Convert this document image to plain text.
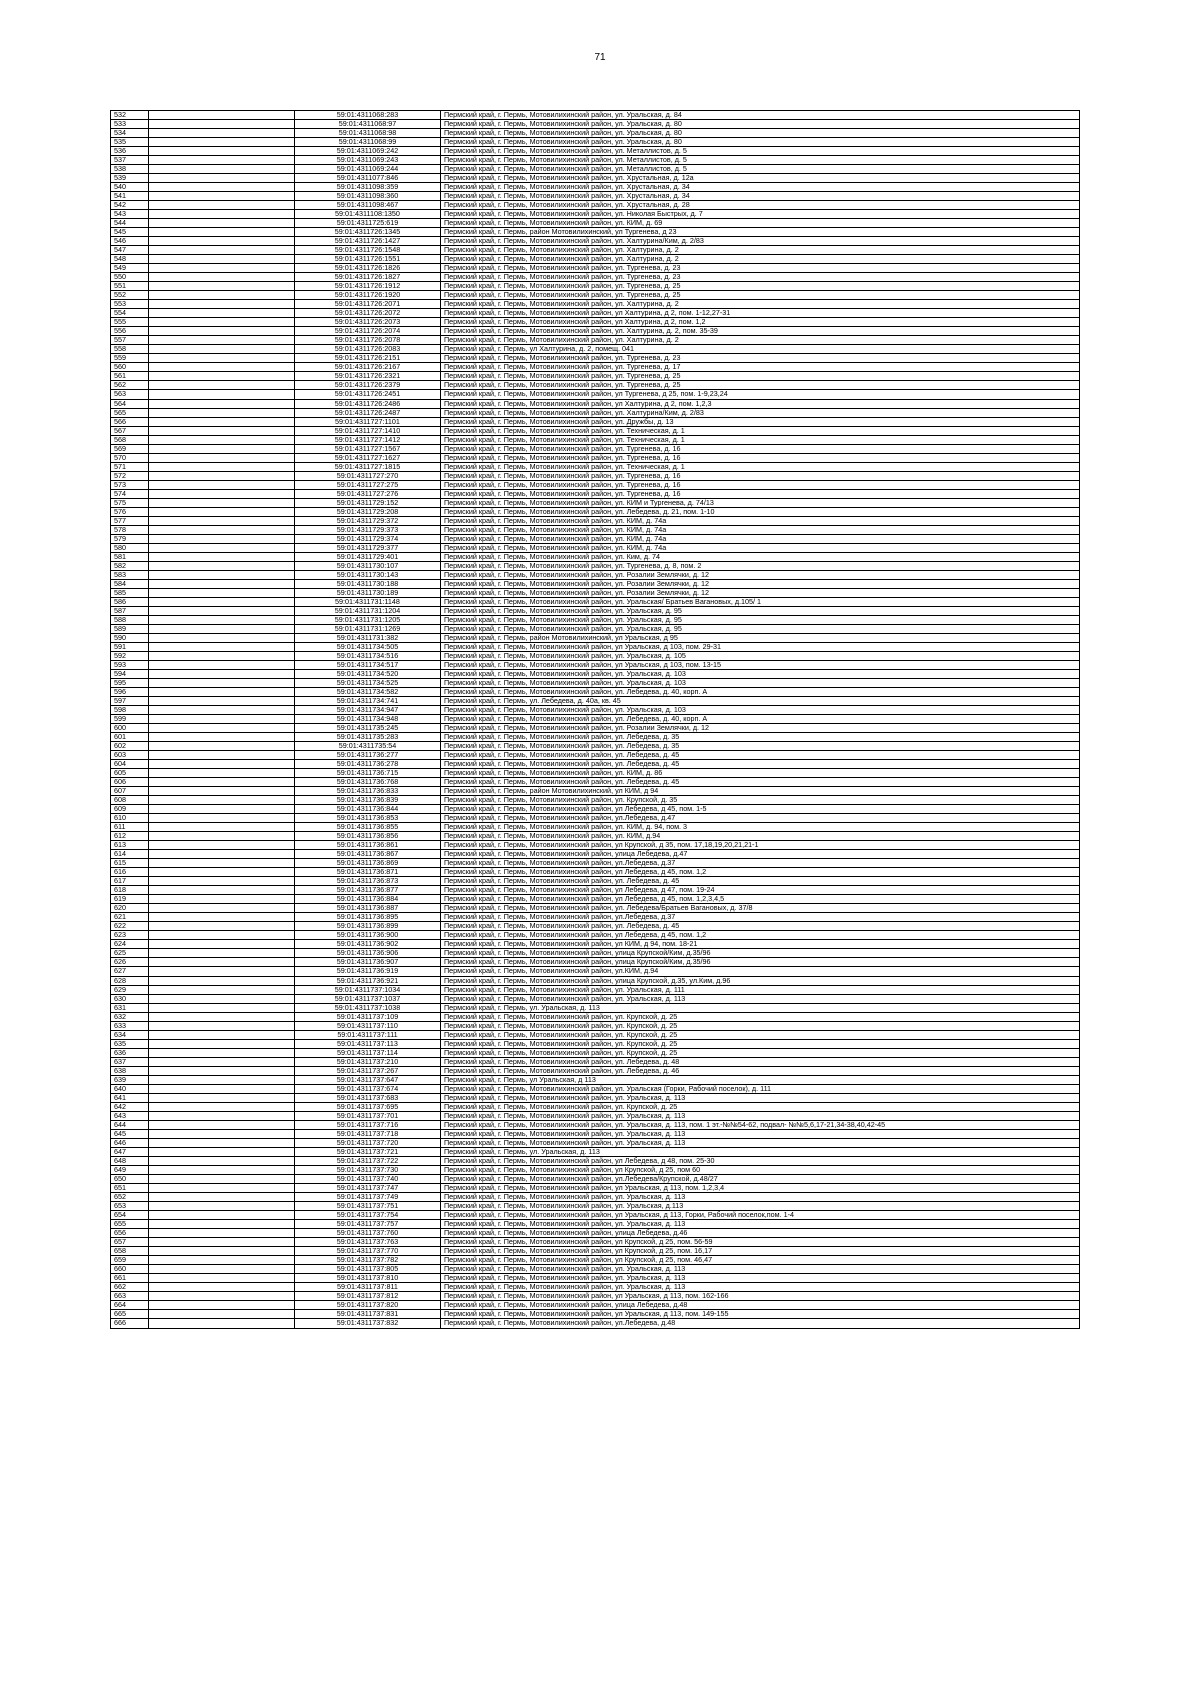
71
532	59:01:4311068:283	Пермский край, г. Пермь, Мотовилихинский район, ул. Уральская, д. 84
533	59:01:4311068:97	Пермский край, г. Пермь, Мотовилихинский район, ул. Уральская, д. 80
534	59:01:4311068:98	Пермский край, г. Пермь, Мотовилихинский район, ул. Уральская, д. 80
535	59:01:4311068:99	Пермский край, г. Пермь, Мотовилихинский район, ул. Уральская, д. 80
536	59:01:4311069:242	Пермский край, г. Пермь, Мотовилихинский район, ул. Металлистов, д. 5
537	59:01:4311069:243	Пермский край, г. Пермь, Мотовилихинский район, ул. Металлистов, д. 5
538	59:01:4311069:244	Пермский край, г. Пермь, Мотовилихинский район, ул. Металлистов, д. 5
539	59:01:4311077:846	Пермский край, г. Пермь, Мотовилихинский район, ул. Хрустальная, д. 12а
540	59:01:4311098:359	Пермский край, г. Пермь, Мотовилихинский район, ул. Хрустальная, д. 34
541	59:01:4311098:360	Пермский край, г. Пермь, Мотовилихинский район, ул. Хрустальная, д. 34
542	59:01:4311098:467	Пермский край, г. Пермь, Мотовилихинский район, ул. Хрустальная, д. 28
543	59:01:4311108:1350	Пермский край, г. Пермь, Мотовилихинский район, ул. Николая Быстрых, д. 7
544	59:01:4311725:619	Пермский край, г. Пермь, Мотовилихинский район, ул. КИМ, д. 69
545	59:01:4311726:1345	Пермский край, г. Пермь, район Мотовилихинский, ул Тургенева, д 23
546	59:01:4311726:1427	Пермский край, г. Пермь, Мотовилихинский район, ул. Халтурина/Ким, д. 2/83
547	59:01:4311726:1548	Пермский край, г. Пермь, Мотовилихинский район, ул. Халтурина, д. 2
548	59:01:4311726:1551	Пермский край, г. Пермь, Мотовилихинский район, ул. Халтурина, д. 2
549	59:01:4311726:1826	Пермский край, г. Пермь, Мотовилихинский район, ул. Тургенева, д. 23
550	59:01:4311726:1827	Пермский край, г. Пермь, Мотовилихинский район, ул. Тургенева, д. 23
551	59:01:4311726:1912	Пермский край, г. Пермь, Мотовилихинский район, ул. Тургенева, д. 25
552	59:01:4311726:1920	Пермский край, г. Пермь, Мотовилихинский район, ул. Тургенева, д. 25
553	59:01:4311726:2071	Пермский край, г. Пермь, Мотовилихинский район, ул. Халтурина, д. 2
554	59:01:4311726:2072	Пермский край, г. Пермь, Мотовилихинский район, ул Халтурина, д 2, пом. 1-12,27-31
555	59:01:4311726:2073	Пермский край, г. Пермь, Мотовилихинский район, ул Халтурина, д 2, пом. 1,2
556	59:01:4311726:2074	Пермский край, г. Пермь, Мотовилихинский район, ул. Халтурина, д. 2, пом. 35-39
557	59:01:4311726:2078	Пермский край, г. Пермь, Мотовилихинский район, ул. Халтурина, д. 2
558	59:01:4311726:2083	Пермский край, г. Пермь, ул Халтурина, д. 2, помещ. 041
559	59:01:4311726:2151	Пермский край, г. Пермь, Мотовилихинский район, ул. Тургенева, д. 23
560	59:01:4311726:2167	Пермский край, г. Пермь, Мотовилихинский район, ул. Тургенева, д. 17
561	59:01:4311726:2321	Пермский край, г. Пермь, Мотовилихинский район, ул. Тургенева, д. 25
562	59:01:4311726:2379	Пермский край, г. Пермь, Мотовилихинский район, ул. Тургенева, д. 25
563	59:01:4311726:2451	Пермский край, г. Пермь, Мотовилихинский район, ул Тургенева, д 25, пом. 1-9,23,24
564	59:01:4311726:2486	Пермский край, г. Пермь, Мотовилихинский район, ул Халтурина, д 2, пом. 1,2,3
565	59:01:4311726:2487	Пермский край, г. Пермь, Мотовилихинский район, ул. Халтурина/Ким, д. 2/83
566	59:01:4311727:1101	Пермский край, г. Пермь, Мотовилихинский район, ул. Дружбы, д. 13
567	59:01:4311727:1410	Пермский край, г. Пермь, Мотовилихинский район, ул. Техническая, д. 1
568	59:01:4311727:1412	Пермский край, г. Пермь, Мотовилихинский район, ул. Техническая, д. 1
569	59:01:4311727:1567	Пермский край, г. Пермь, Мотовилихинский район, ул. Тургенева, д. 16
570	59:01:4311727:1627	Пермский край, г. Пермь, Мотовилихинский район, ул. Тургенева, д. 16
571	59:01:4311727:1815	Пермский край, г. Пермь, Мотовилихинский район, ул. Техническая, д. 1
572	59:01:4311727:270	Пермский край, г. Пермь, Мотовилихинский район, ул. Тургенева, д. 16
573	59:01:4311727:275	Пермский край, г. Пермь, Мотовилихинский район, ул. Тургенева, д. 16
574	59:01:4311727:276	Пермский край, г. Пермь, Мотовилихинский район, ул. Тургенева, д. 16
575	59:01:4311729:152	Пермский край, г. Пермь, Мотовилихинский район, ул. КИМ и Тургенева, д. 74/13
576	59:01:4311729:208	Пермский край, г. Пермь, Мотовилихинский район, ул. Лебедева, д. 21, пом. 1-10
577	59:01:4311729:372	Пермский край, г. Пермь, Мотовилихинский район, ул. КИМ, д. 74а
578	59:01:4311729:373	Пермский край, г. Пермь, Мотовилихинский район, ул. КИМ, д. 74а
579	59:01:4311729:374	Пермский край, г. Пермь, Мотовилихинский район, ул. КИМ, д. 74а
580	59:01:4311729:377	Пермский край, г. Пермь, Мотовилихинский район, ул. КИМ, д. 74а
581	59:01:4311729:401	Пермский край, г. Пермь, Мотовилихинский район, ул. Ким, д. 74
582	59:01:4311730:107	Пермский край, г. Пермь, Мотовилихинский район, ул. Тургенева, д. 8, пом. 2
583	59:01:4311730:143	Пермский край, г. Пермь, Мотовилихинский район, ул. Розалии Землячки, д. 12
584	59:01:4311730:188	Пермский край, г. Пермь, Мотовилихинский район, ул. Розалии Землячки, д. 12
585	59:01:4311730:189	Пермский край, г. Пермь, Мотовилихинский район, ул. Розалии Землячки, д. 12
586	59:01:4311731:1148	Пермский край, г. Пермь, Мотовилихинский район, ул. Уральская/ Братьев Вагановых, д.105/ 1
587	59:01:4311731:1204	Пермский край, г. Пермь, Мотовилихинский район, ул. Уральская, д. 95
588	59:01:4311731:1205	Пермский край, г. Пермь, Мотовилихинский район, ул. Уральская, д. 95
589	59:01:4311731:1269	Пермский край, г. Пермь, Мотовилихинский район, ул. Уральская, д. 95
590	59:01:4311731:382	Пермский край, г. Пермь, район Мотовилихинский, ул Уральская, д 95
591	59:01:4311734:505	Пермский край, г. Пермь, Мотовилихинский район, ул Уральская, д 103, пом. 29-31
592	59:01:4311734:516	Пермский край, г. Пермь, Мотовилихинский район, ул. Уральская, д. 105
593	59:01:4311734:517	Пермский край, г. Пермь, Мотовилихинский район, ул Уральская, д 103, пом. 13-15
594	59:01:4311734:520	Пермский край, г. Пермь, Мотовилихинский район, ул. Уральская, д. 103
595	59:01:4311734:525	Пермский край, г. Пермь, Мотовилихинский район, ул. Уральская, д. 103
596	59:01:4311734:582	Пермский край, г. Пермь, Мотовилихинский район, ул. Лебедева, д. 40, корп. А
597	59:01:4311734:741	Пермский край, г. Пермь, ул. Лебедева, д. 40а, кв. 45
598	59:01:4311734:947	Пермский край, г. Пермь, Мотовилихинский район, ул. Уральская, д. 103
599	59:01:4311734:948	Пермский край, г. Пермь, Мотовилихинский район, ул. Лебедева, д. 40, корп. А
600	59:01:4311735:245	Пермский край, г. Пермь, Мотовилихинский район, ул. Розалии Землячки, д. 12
601	59:01:4311735:283	Пермский край, г. Пермь, Мотовилихинский район, ул. Лебедева, д. 35
602	59:01:4311735:54	Пермский край, г. Пермь, Мотовилихинский район, ул. Лебедева, д. 35
603	59:01:4311736:277	Пермский край, г. Пермь, Мотовилихинский район, ул. Лебедева, д. 45
604	59:01:4311736:278	Пермский край, г. Пермь, Мотовилихинский район, ул. Лебедева, д. 45
605	59:01:4311736:715	Пермский край, г. Пермь, Мотовилихинский район, ул. КИМ, д. 86
606	59:01:4311736:768	Пермский край, г. Пермь, Мотовилихинский район, ул. Лебедева, д. 45
607	59:01:4311736:833	Пермский край, г. Пермь, район Мотовилихинский, ул КИМ, д 94
608	59:01:4311736:839	Пермский край, г. Пермь, Мотовилихинский район, ул. Крупской, д. 35
609	59:01:4311736:844	Пермский край, г. Пермь, Мотовилихинский район, ул Лебедева, д 45, пом. 1-5
610	59:01:4311736:853	Пермский край, г. Пермь, Мотовилихинский район, ул.Лебедева, д.47
611	59:01:4311736:855	Пермский край, г. Пермь, Мотовилихинский район, ул. КИМ, д. 94, пом. 3
612	59:01:4311736:856	Пермский край, г. Пермь, Мотовилихинский район, ул. КИМ, д.94
613	59:01:4311736:861	Пермский край, г. Пермь, Мотовилихинский район, ул Крупской, д 35, пом. 17,18,19,20,21,21-1
614	59:01:4311736:867	Пермский край, г. Пермь, Мотовилихинский район, улица Лебедева, д.47
615	59:01:4311736:869	Пермский край, г. Пермь, Мотовилихинский район, ул.Лебедева, д.37
616	59:01:4311736:871	Пермский край, г. Пермь, Мотовилихинский район, ул Лебедева, д 45, пом. 1,2
617	59:01:4311736:873	Пермский край, г. Пермь, Мотовилихинский район, ул. Лебедева, д. 45
618	59:01:4311736:877	Пермский край, г. Пермь, Мотовилихинский район, ул Лебедева, д 47, пом. 19-24
619	59:01:4311736:884	Пермский край, г. Пермь, Мотовилихинский район, ул Лебедева, д 45, пом. 1,2,3,4,5
620	59:01:4311736:887	Пермский край, г. Пермь, Мотовилихинский район, ул. Лебедева/Братьев Вагановых, д. 37/8
621	59:01:4311736:895	Пермский край, г. Пермь, Мотовилихинский район, ул.Лебедева, д.37
622	59:01:4311736:899	Пермский край, г. Пермь, Мотовилихинский район, ул. Лебедева, д. 45
623	59:01:4311736:900	Пермский край, г. Пермь, Мотовилихинский район, ул Лебедева, д 45, пом. 1,2
624	59:01:4311736:902	Пермский край, г. Пермь, Мотовилихинский район, ул КИМ, д 94, пом. 18-21
625	59:01:4311736:906	Пермский край, г. Пермь, Мотовилихинский район, улица Крупской/Ким, д.35/96
626	59:01:4311736:907	Пермский край, г. Пермь, Мотовилихинский район, улица Крупской/Ким, д.35/96
627	59:01:4311736:919	Пермский край, г. Пермь, Мотовилихинский район, ул.КИМ, д.94
628	59:01:4311736:921	Пермский край, г. Пермь, Мотовилихинский район, улица Крупской, д.35, ул.Ким, д.96
629	59:01:4311737:1034	Пермский край, г. Пермь, Мотовилихинский район, ул. Уральская, д. 111
630	59:01:4311737:1037	Пермский край, г. Пермь, Мотовилихинский район, ул. Уральская, д. 113
631	59:01:4311737:1038	Пермский край, г. Пермь, ул. Уральская, д. 113
632	59:01:4311737:109	Пермский край, г. Пермь, Мотовилихинский район, ул. Крупской, д. 25
633	59:01:4311737:110	Пермский край, г. Пермь, Мотовилихинский район, ул. Крупской, д. 25
634	59:01:4311737:111	Пермский край, г. Пермь, Мотовилихинский район, ул. Крупской, д. 25
635	59:01:4311737:113	Пермский край, г. Пермь, Мотовилихинский район, ул. Крупской, д. 25
636	59:01:4311737:114	Пермский край, г. Пермь, Мотовилихинский район, ул. Крупской, д. 25
637	59:01:4311737:210	Пермский край, г. Пермь, Мотовилихинский район, ул. Лебедева, д. 48
638	59:01:4311737:267	Пермский край, г. Пермь, Мотовилихинский район, ул. Лебедева, д. 46
639	59:01:4311737:647	Пермский край, г. Пермь, ул Уральская, д 113
640	59:01:4311737:674	Пермский край, г. Пермь, Мотовилихинский район, ул. Уральская (Горки, Рабочий поселок), д. 111
641	59:01:4311737:683	Пермский край, г. Пермь, Мотовилихинский район, ул. Уральская, д. 113
642	59:01:4311737:695	Пермский край, г. Пермь, Мотовилихинский район, ул. Крупской, д. 25
643	59:01:4311737:701	Пермский край, г. Пермь, Мотовилихинский район, ул. Уральская, д. 113
644	59:01:4311737:716	Пермский край, г. Пермь, Мотовилихинский район, ул. Уральская, д. 113, пом. 1 эт.-№№54-62, подвал- №№5,6,17-21,34-38,40,42-45
645	59:01:4311737:718	Пермский край, г. Пермь, Мотовилихинский район, ул. Уральская, д. 113
646	59:01:4311737:720	Пермский край, г. Пермь, Мотовилихинский район, ул. Уральская, д. 113
647	59:01:4311737:721	Пермский край, г. Пермь, ул. Уральская, д. 113
648	59:01:4311737:722	Пермский край, г. Пермь, Мотовилихинский район, ул Лебедева, д 48, пом. 25-30
649	59:01:4311737:730	Пермский край, г. Пермь, Мотовилихинский район, ул Крупской, д 25, пом 60
650	59:01:4311737:740	Пермский край, г. Пермь, Мотовилихинский район, ул.Лебедева/Крупской, д.48/27
651	59:01:4311737:747	Пермский край, г. Пермь, Мотовилихинский район, ул Уральская, д 113, пом. 1,2,3,4
652	59:01:4311737:749	Пермский край, г. Пермь, Мотовилихинский район, ул. Уральская, д. 113
653	59:01:4311737:751	Пермский край, г. Пермь, Мотовилихинский район, ул. Уральская, д.113
654	59:01:4311737:754	Пермский край, г. Пермь, Мотовилихинский район, ул Уральская, д 113, Горки, Рабочий поселок,пом. 1-4
655	59:01:4311737:757	Пермский край, г. Пермь, Мотовилихинский район, ул. Уральская, д. 113
656	59:01:4311737:760	Пермский край, г. Пермь, Мотовилихинский район, улица Лебедева, д.46
657	59:01:4311737:763	Пермский край, г. Пермь, Мотовилихинский район, ул Крупской, д 25, пом. 56-59
658	59:01:4311737:770	Пермский край, г. Пермь, Мотовилихинский район, ул Крупской, д 25, пом. 16,17
659	59:01:4311737:782	Пермский край, г. Пермь, Мотовилихинский район, ул Крупской, д 25, пом. 46,47
660	59:01:4311737:805	Пермский край, г. Пермь, Мотовилихинский район, ул. Уральская, д. 113
661	59:01:4311737:810	Пермский край, г. Пермь, Мотовилихинский район, ул. Уральская, д. 113
662	59:01:4311737:811	Пермский край, г. Пермь, Мотовилихинский район, ул. Уральская, д. 113
663	59:01:4311737:812	Пермский край, г. Пермь, Мотовилихинский район, ул Уральская, д 113, пом. 162-166
664	59:01:4311737:820	Пермский край, г. Пермь, Мотовилихинский район, улица Лебедева, д.48
665	59:01:4311737:831	Пермский край, г. Пермь, Мотовилихинский район, ул Уральская, д 113, пом. 149-155
666	59:01:4311737:832	Пермский край, г. Пермь, Мотовилихинский район, ул.Лебедева, д.48
